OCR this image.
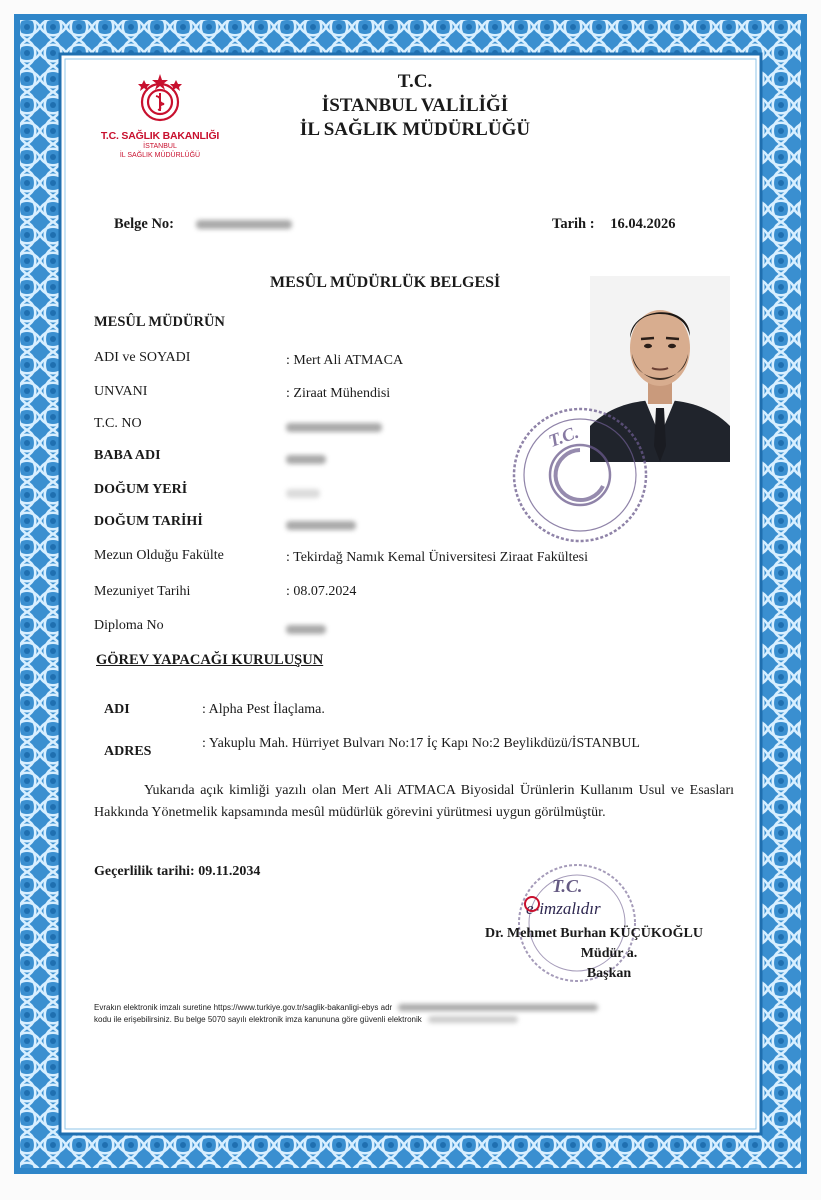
T.C. SAĞLIK BAKANLIĞI
İSTANBUL
İL SAĞLIK MÜDÜRLÜĞÜ
T.C.
İSTANBUL VALİLİĞİ
İL SAĞLIK MÜDÜRLÜĞÜ
Belge No:	Tarih : 16.04.2026
MESÛL MÜDÜRLÜK BELGESİ
MESÛL MÜDÜRÜN
T.C.
ADI ve SOYADI	: Mert Ali ATMACA
UNVANI	: Ziraat Mühendisi
T.C. NO
BABA ADI
DOĞUM YERİ
DOĞUM TARİHİ
Mezun Olduğu Fakülte	: Tekirdağ Namık Kemal Üniversitesi Ziraat Fakültesi
Mezuniyet Tarihi	: 08.07.2024
Diploma No
GÖREV YAPACAĞI KURULUŞUN
ADI	: Alpha Pest İlaçlama.
ADRES
: Yakuplu Mah. Hürriyet Bulvarı No:17 İç Kapı No:2 Beylikdüzü/İSTANBUL
Yukarıda açık kimliği yazılı olan Mert Ali ATMACA Biyosidal Ürünlerin Kullanım Usul ve Esasları Hakkında Yönetmelik kapsamında mesûl müdürlük görevini yürütmesi uygun görülmüştür.
Geçerlilik tarihi: 09.11.2034
T.C.
e-imzalıdır
Dr. Mehmet Burhan KÜÇÜKOĞLU
Müdür a.
Başkan
Evrakın elektronik imzalı suretine https://www.turkiye.gov.tr/saglik-bakanligi-ebys adr
kodu ile erişebilirsiniz. Bu belge 5070 sayılı elektronik imza kanununa göre güvenli elektronik
